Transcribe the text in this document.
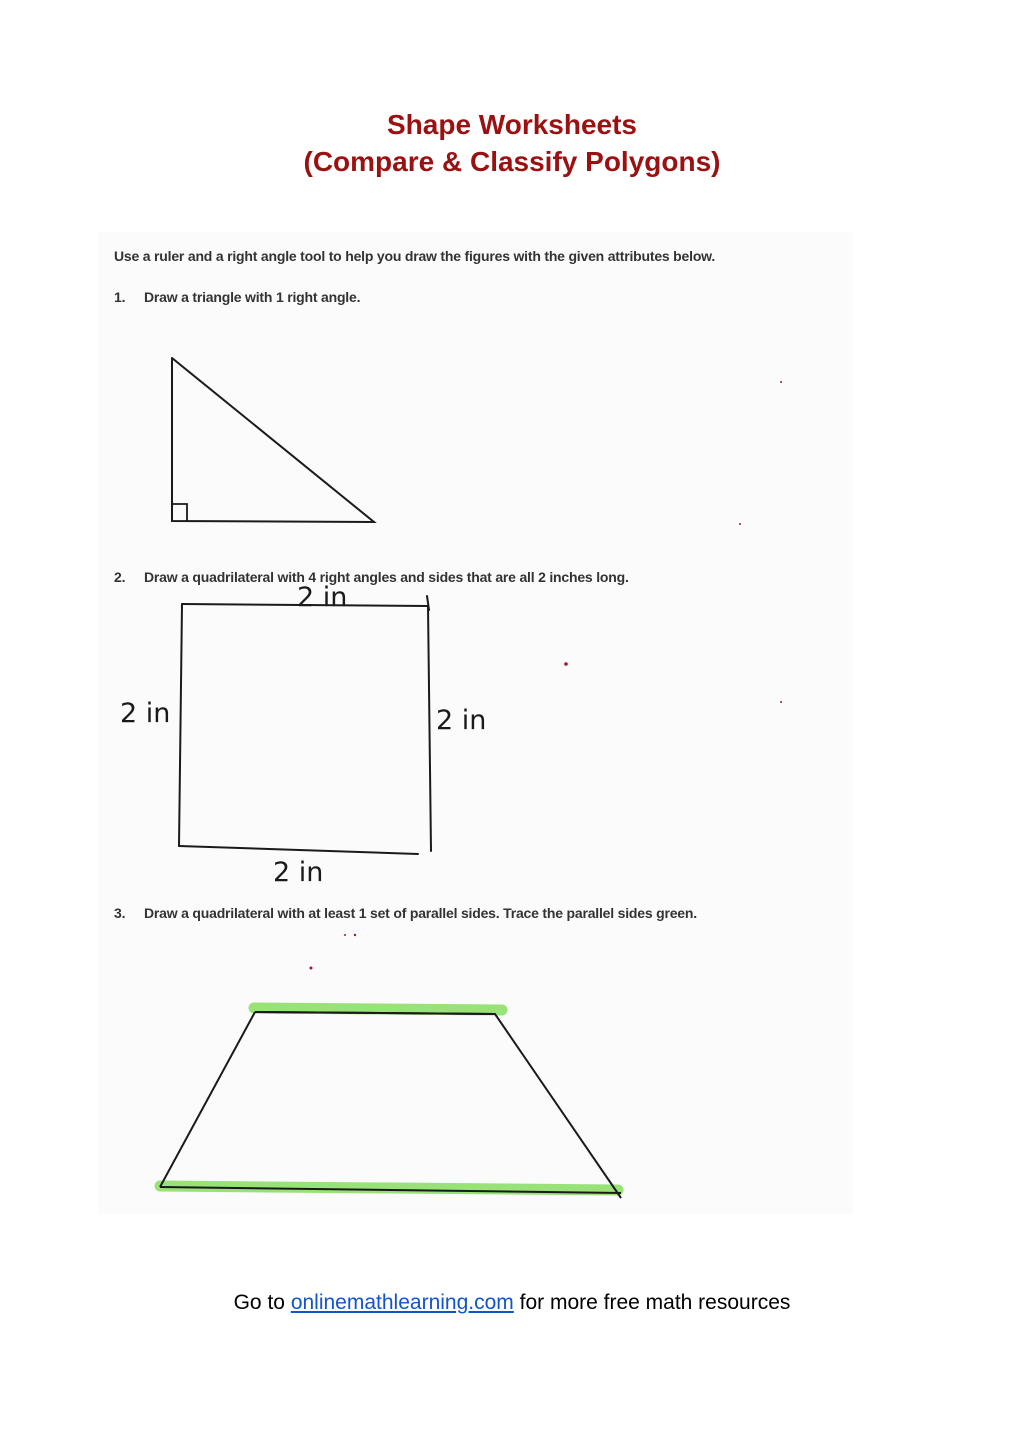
Shape Worksheets
(Compare & Classify Polygons)
Use a ruler and a right angle tool to help you draw the figures with the given attributes below.
1. Draw a triangle with 1 right angle.
2. Draw a quadrilateral with 4 right angles and sides that are all 2 inches long.
3. Draw a quadrilateral with at least 1 set of parallel sides. Trace the parallel sides green.
2 in
2 in	2 in
2 in
Go to onlinemathlearning.com for more free math resources
